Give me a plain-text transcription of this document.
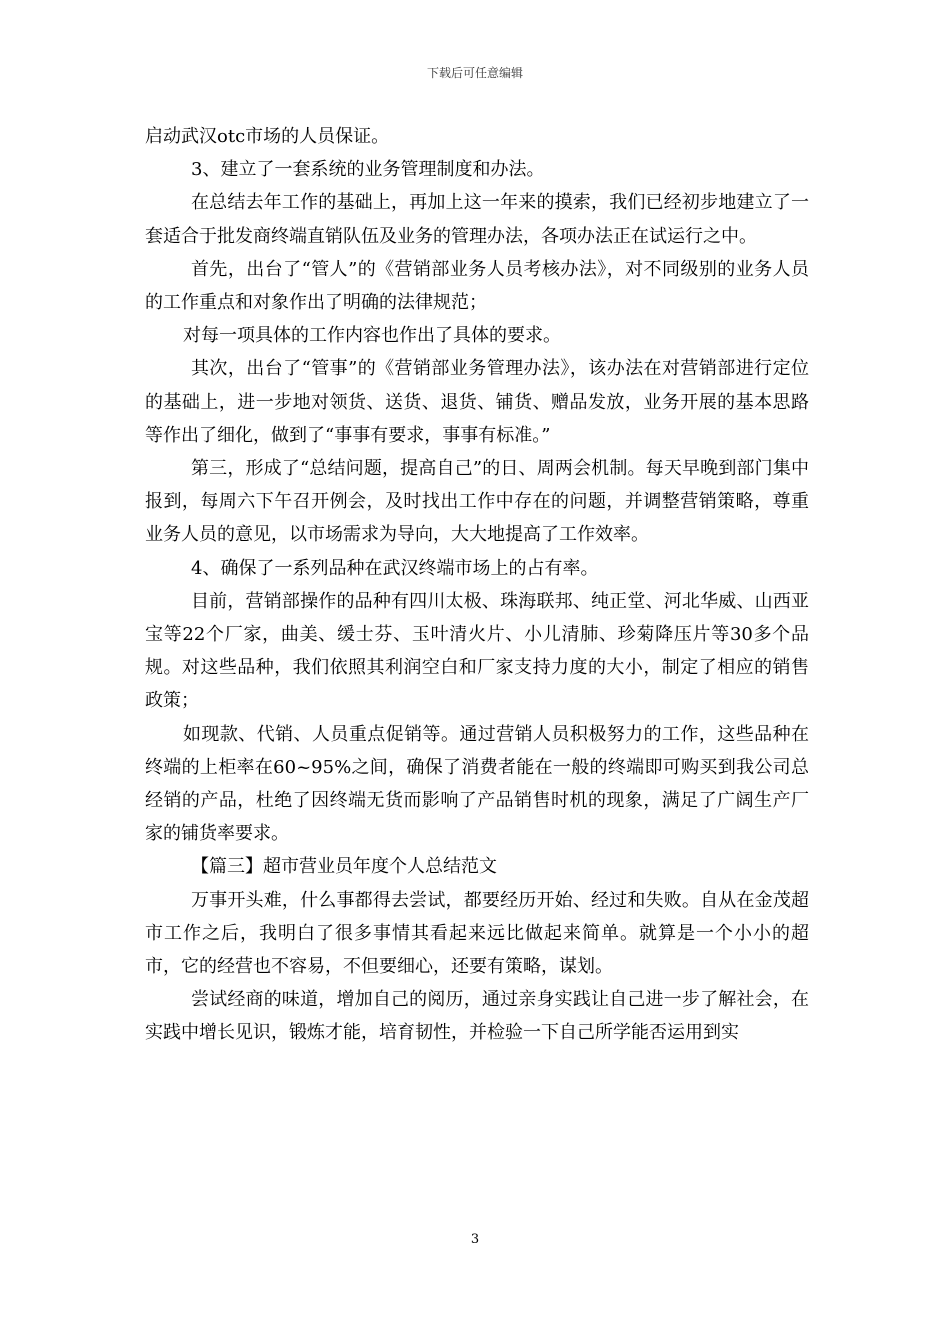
下载后可任意编辑

启动武汉otc市场的人员保证。

3、建立了一套系统的业务管理制度和办法。

在总结去年工作的基础上，再加上这一年来的摸索，我们已经初步地建立了一套适合于批发商终端直销队伍及业务的管理办法，各项办法正在试运行之中。

首先，出台了“管人”的《营销部业务人员考核办法》，对不同级别的业务人员的工作重点和对象作出了明确的法律规范；

对每一项具体的工作内容也作出了具体的要求。

其次，出台了“管事”的《营销部业务管理办法》，该办法在对营销部进行定位的基础上，进一步地对领货、送货、退货、铺货、赠品发放，业务开展的基本思路等作出了细化，做到了“事事有要求，事事有标准。”

第三，形成了“总结问题，提高自己”的日、周两会机制。每天早晚到部门集中报到，每周六下午召开例会，及时找出工作中存在的问题，并调整营销策略，尊重业务人员的意见，以市场需求为导向，大大地提高了工作效率。

4、确保了一系列品种在武汉终端市场上的占有率。

目前，营销部操作的品种有四川太极、珠海联邦、纯正堂、河北华威、山西亚宝等22个厂家，曲美、缓士芬、玉叶清火片、小儿清肺、珍菊降压片等30多个品规。对这些品种，我们依照其利润空白和厂家支持力度的大小，制定了相应的销售政策；

如现款、代销、人员重点促销等。通过营销人员积极努力的工作，这些品种在终端的上柜率在60~95%之间，确保了消费者能在一般的终端即可购买到我公司总经销的产品，杜绝了因终端无货而影响了产品销售时机的现象，满足了广阔生产厂家的铺货率要求。

【篇三】超市营业员年度个人总结范文

万事开头难，什么事都得去尝试，都要经历开始、经过和失败。自从在金茂超市工作之后，我明白了很多事情其看起来远比做起来简单。就算是一个小小的超市，它的经营也不容易，不但要细心，还要有策略，谋划。

尝试经商的味道，增加自己的阅历，通过亲身实践让自己进一步了解社会，在实践中增长见识，锻炼才能，培育韧性，并检验一下自己所学能否运用到实

3
